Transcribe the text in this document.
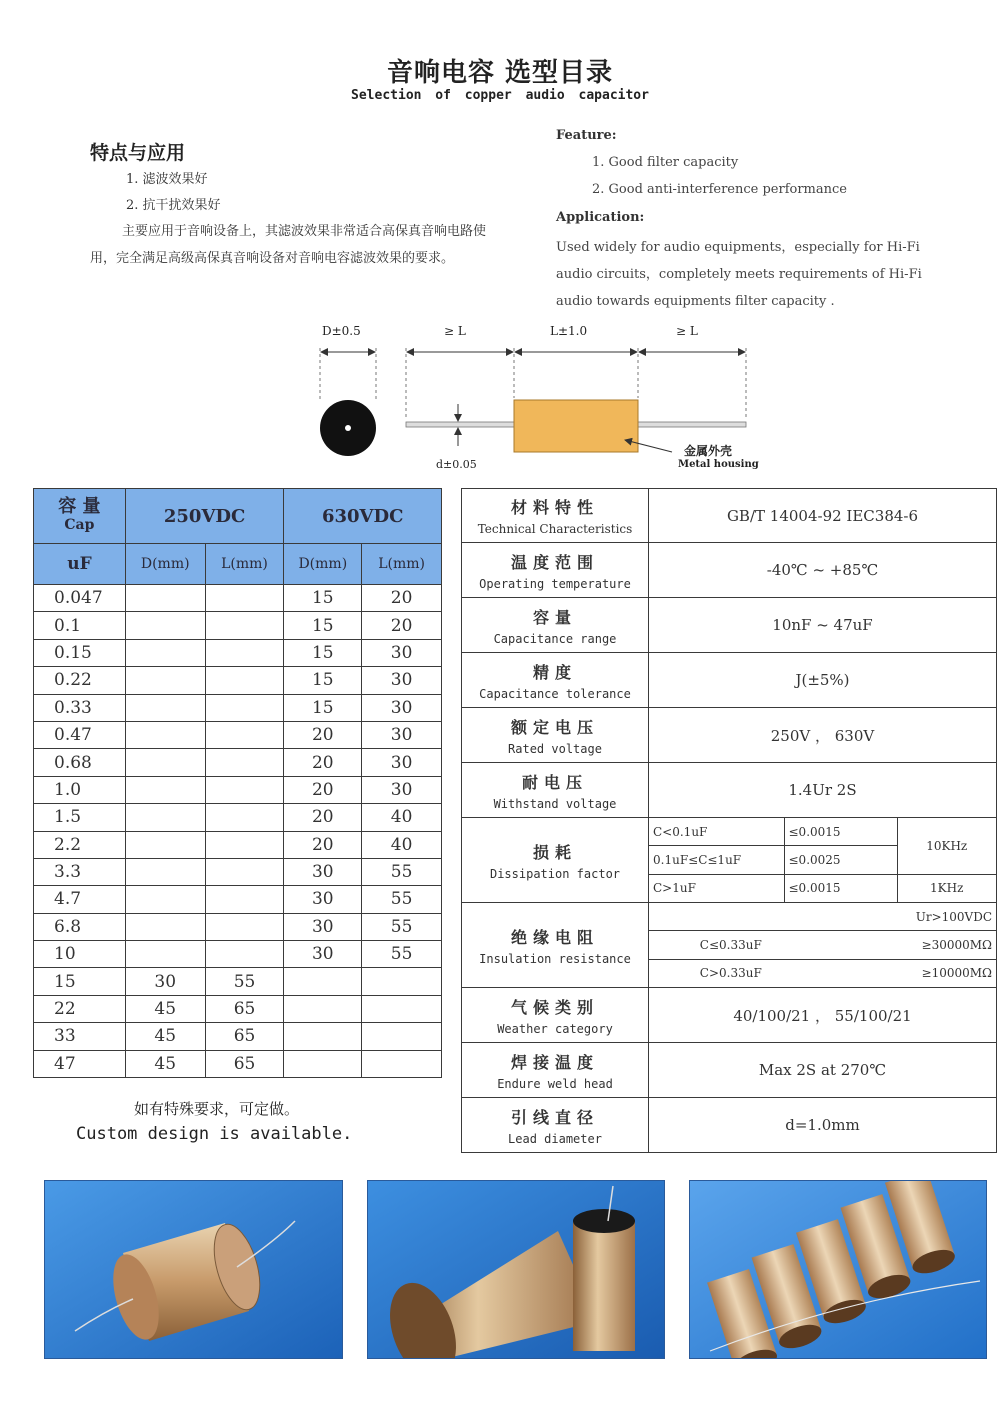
音响电容 选型目录
Selection of copper audio capacitor
特点与应用
1. 滤波效果好
2. 抗干扰效果好
主要应用于音响设备上，其滤波效果非常适合高保真音响电路使用，完全满足高级高保真音响设备对音响电容滤波效果的要求。
Feature:
1. Good filter capacity
2. Good anti-interference performance
Application:
Used widely for audio equipments，especially for Hi-Fi audio circuits，completely meets requirements of Hi-Fi audio towards equipments filter capacity .
D±0.5	≥ L	L±1.0	≥ L
d±0.05
金属外壳
Metal housing
容 量
Cap	250VDC		630VDC	
uF	D(mm)	L(mm)	D(mm)	L(mm)
0.047			15	20
0.1			15	20
0.15			15	30
0.22			15	30
0.33			15	30
0.47			20	30
0.68			20	30
1.0			20	30
1.5			20	40
2.2			20	40
3.3			30	55
4.7			30	55
6.8			30	55
10			30	55
15	30	55		
22	45	65		
33	45	65		
47	45	65		
如有特殊要求，可定做。
Custom design is available.
材料特性
Technical Characteristics
	GB/T 14004-92 IEC384-6

温度范围
Operating temperature
	-40℃ ~ +85℃

容量
Capacitance range
	10nF ~ 47uF

精度
Capacitance tolerance
	J(±5%)

额定电压
Rated voltage
	250V ， 630V

耐电压
Withstand voltage
	1.4Ur 2S

损耗
Dissipation factor

C<0.1uF	≤0.0015	10KHz
0.1uF≤C≤1uF	≤0.0025
C>1uF	≤0.0015	1KHz

绝缘电阻
Insulation resistance

Ur>100VDC
C≤0.33uF	≥30000MΩ
C>0.33uF	≥10000MΩ

气候类别
Weather category
	40/100/21 ， 55/100/21

焊接温度
Endure weld head
	Max 2S at 270℃

引线直径
Lead diameter
	d=1.0mm
